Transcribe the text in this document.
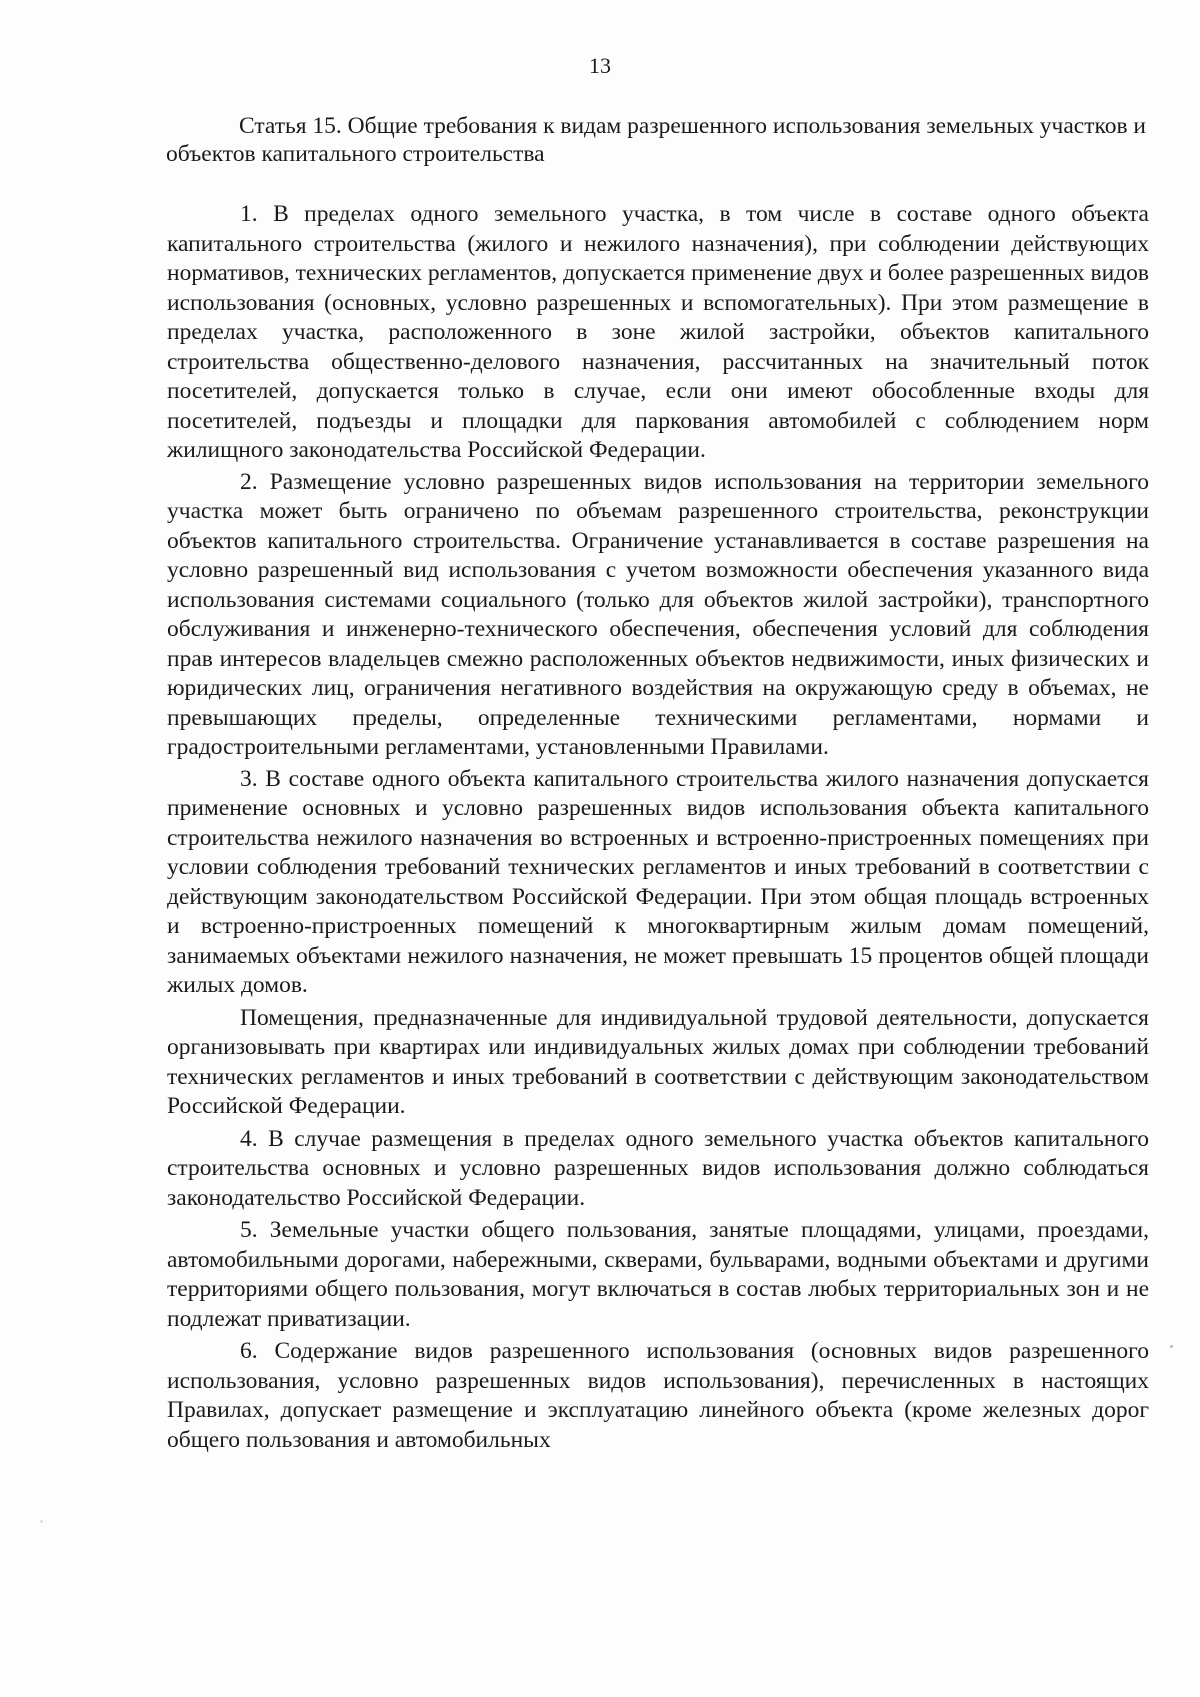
13

Статья 15. Общие требования к видам разрешенного использования земельных участков и объектов капитального строительства

1. В пределах одного земельного участка, в том числе в составе одного объекта капитального строительства (жилого и нежилого назначения), при соблюдении действующих нормативов, технических регламентов, допускается применение двух и более разрешенных видов использования (основных, условно разрешенных и вспомогательных). При этом размещение в пределах участка, расположенного в зоне жилой застройки, объектов капитального строительства общественно-делового назначения, рассчитанных на значительный поток посетителей, допускается только в случае, если они имеют обособленные входы для посетителей, подъезды и площадки для паркования автомобилей с соблюдением норм жилищного законодательства Российской Федерации.

2. Размещение условно разрешенных видов использования на территории земельного участка может быть ограничено по объемам разрешенного строительства, реконструкции объектов капитального строительства. Ограничение устанавливается в составе разрешения на условно разрешенный вид использования с учетом возможности обеспечения указанного вида использования системами социального (только для объектов жилой застройки), транспортного обслуживания и инженерно-технического обеспечения, обеспечения условий для соблюдения прав интересов владельцев смежно расположенных объектов недвижимости, иных физических и юридических лиц, ограничения негативного воздействия на окружающую среду в объемах, не превышающих пределы, определенные техническими регламентами, нормами и градостроительными регламентами, установленными Правилами.

3. В составе одного объекта капитального строительства жилого назначения допускается применение основных и условно разрешенных видов использования объекта капитального строительства нежилого назначения во встроенных и встроенно-пристроенных помещениях при условии соблюдения требований технических регламентов и иных требований в соответствии с действующим законодательством Российской Федерации. При этом общая площадь встроенных и встроенно-пристроенных помещений к многоквартирным жилым домам помещений, занимаемых объектами нежилого назначения, не может превышать 15 процентов общей площади жилых домов.

Помещения, предназначенные для индивидуальной трудовой деятельности, допускается организовывать при квартирах или индивидуальных жилых домах при соблюдении требований технических регламентов и иных требований в соответствии с действующим законодательством Российской Федерации.

4. В случае размещения в пределах одного земельного участка объектов капитального строительства основных и условно разрешенных видов использования должно соблюдаться законодательство Российской Федерации.

5. Земельные участки общего пользования, занятые площадями, улицами, проездами, автомобильными дорогами, набережными, скверами, бульварами, водными объектами и другими территориями общего пользования, могут включаться в состав любых территориальных зон и не подлежат приватизации.

6. Содержание видов разрешенного использования (основных видов разрешенного использования, условно разрешенных видов использования), перечисленных в настоящих Правилах, допускает размещение и эксплуатацию линейного объекта (кроме железных дорог общего пользования и автомобильных
